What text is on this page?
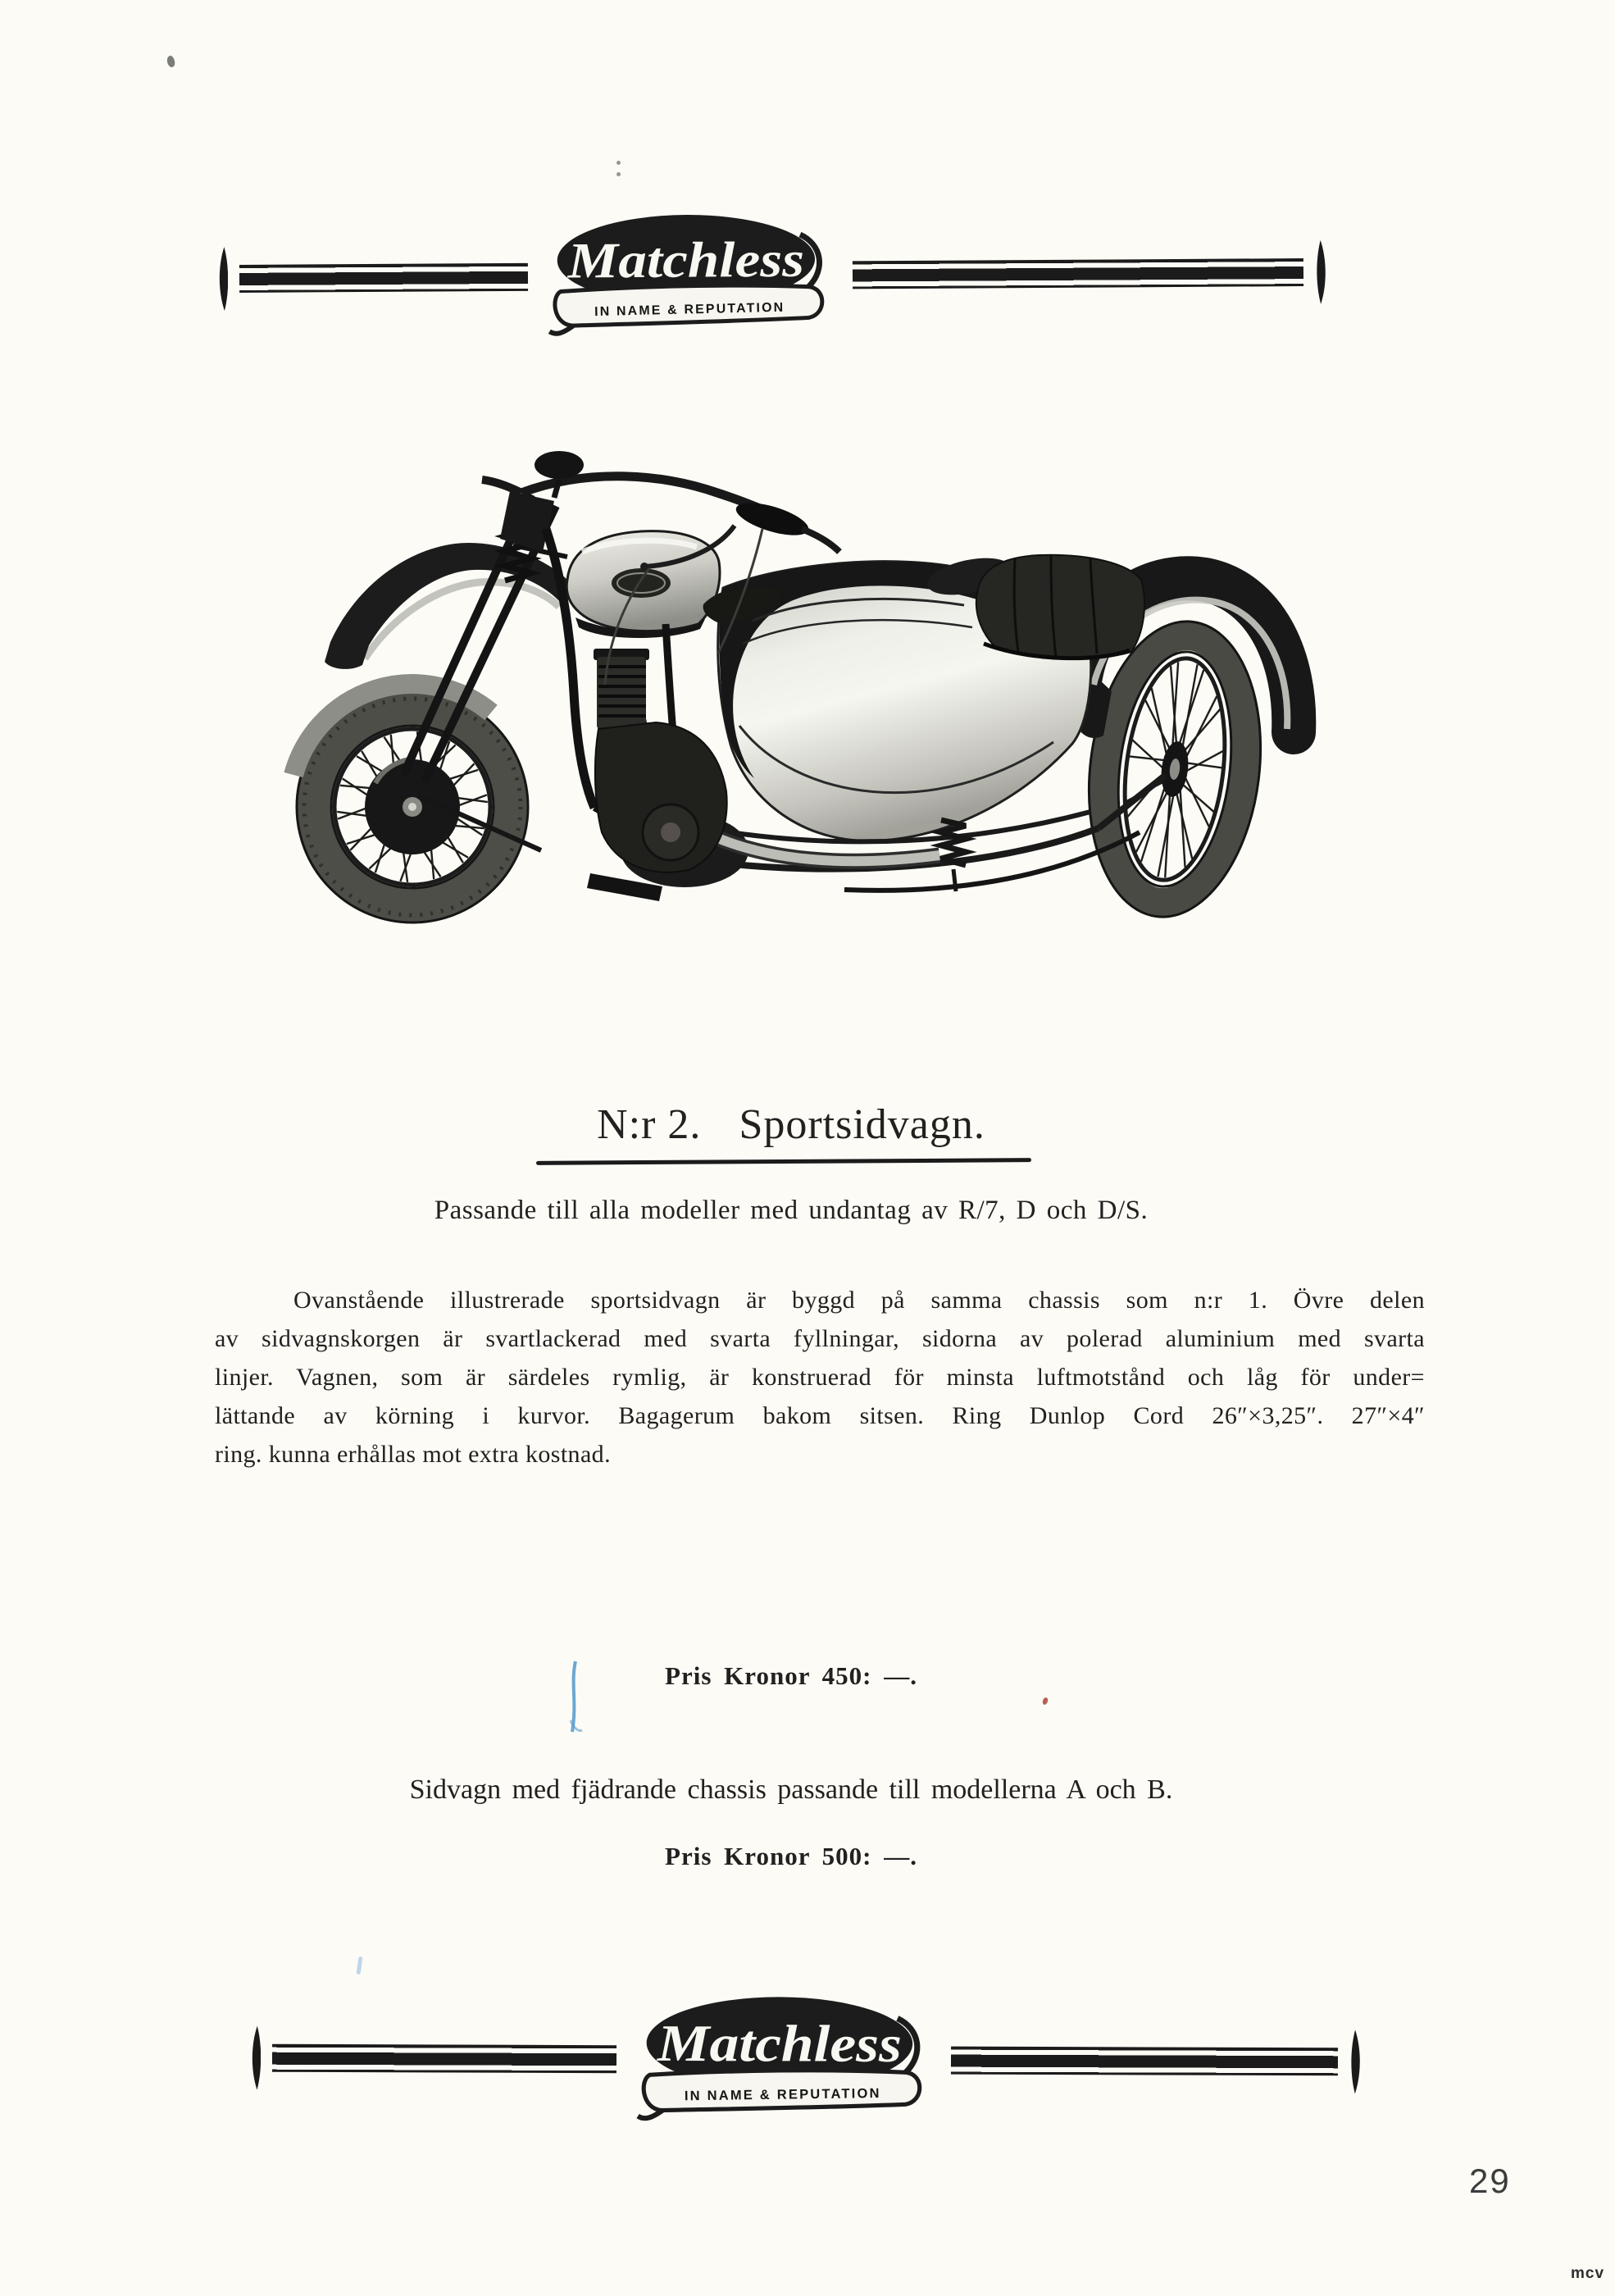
Matchless
IN NAME & REPUTATION
N:r 2. Sportsidvagn.
Passande till alla modeller med undantag av R/7, D och D/S.
Ovanstående illustrerade sportsidvagn är byggd på samma chassis som n:r 1. Övre delen
av sidvagnskorgen är svartlackerad med svarta fyllningar, sidorna av polerad aluminium med svarta
linjer. Vagnen, som är särdeles rymlig, är konstruerad för minsta luftmotstånd och låg för under=
lättande av körning i kurvor. Bagagerum bakom sitsen. Ring Dunlop Cord 26″×3,25″. 27″×4″
ring. kunna erhållas mot extra kostnad.
Pris Kronor 450: —.
Sidvagn med fjädrande chassis passande till modellerna A och B.
Pris Kronor 500: —.
Matchless
IN NAME & REPUTATION
29
mcv
